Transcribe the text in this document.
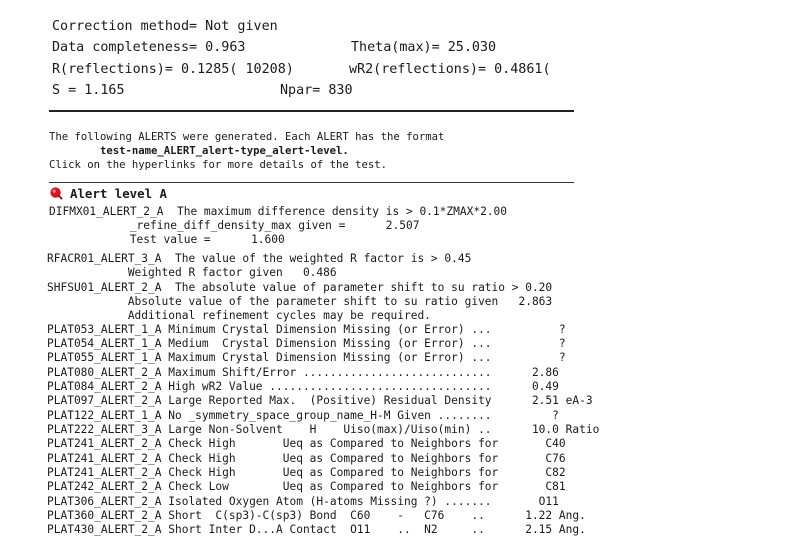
Correction method= Not given
Data completeness= 0.963	Theta(max)= 25.030
R(reflections)= 0.1285( 10208)	wR2(reflections)= 0.4861(
S = 1.165	Npar= 830
The following ALERTS were generated. Each ALERT has the format
test-name_ALERT_alert-type_alert-level.
Click on the hyperlinks for more details of the test.
Alert level A
DIFMX01_ALERT_2_A  The maximum difference density is > 0.1*ZMAX*2.00
_refine_diff_density_max given =      2.507
Test value =      1.600
RFACR01_ALERT_3_A  The value of the weighted R factor is > 0.45
Weighted R factor given   0.486
SHFSU01_ALERT_2_A  The absolute value of parameter shift to su ratio > 0.20
Absolute value of the parameter shift to su ratio given   2.863
Additional refinement cycles may be required.
PLAT053_ALERT_1_A Minimum Crystal Dimension Missing (or Error) ...          ?
PLAT054_ALERT_1_A Medium  Crystal Dimension Missing (or Error) ...          ?
PLAT055_ALERT_1_A Maximum Crystal Dimension Missing (or Error) ...          ?
PLAT080_ALERT_2_A Maximum Shift/Error ............................      2.86
PLAT084_ALERT_2_A High wR2 Value .................................      0.49
PLAT097_ALERT_2_A Large Reported Max.  (Positive) Residual Density      2.51 eA-3
PLAT122_ALERT_1_A No _symmetry_space_group_name_H-M Given ........         ?
PLAT222_ALERT_3_A Large Non-Solvent    H    Uiso(max)/Uiso(min) ..      10.0 Ratio
PLAT241_ALERT_2_A Check High       Ueq as Compared to Neighbors for       C40
PLAT241_ALERT_2_A Check High       Ueq as Compared to Neighbors for       C76
PLAT241_ALERT_2_A Check High       Ueq as Compared to Neighbors for       C82
PLAT242_ALERT_2_A Check Low        Ueq as Compared to Neighbors for       C81
PLAT306_ALERT_2_A Isolated Oxygen Atom (H-atoms Missing ?) .......       O11
PLAT360_ALERT_2_A Short  C(sp3)-C(sp3) Bond  C60    -   C76    ..      1.22 Ang.
PLAT430_ALERT_2_A Short Inter D...A Contact  O11    ..  N2     ..      2.15 Ang.
